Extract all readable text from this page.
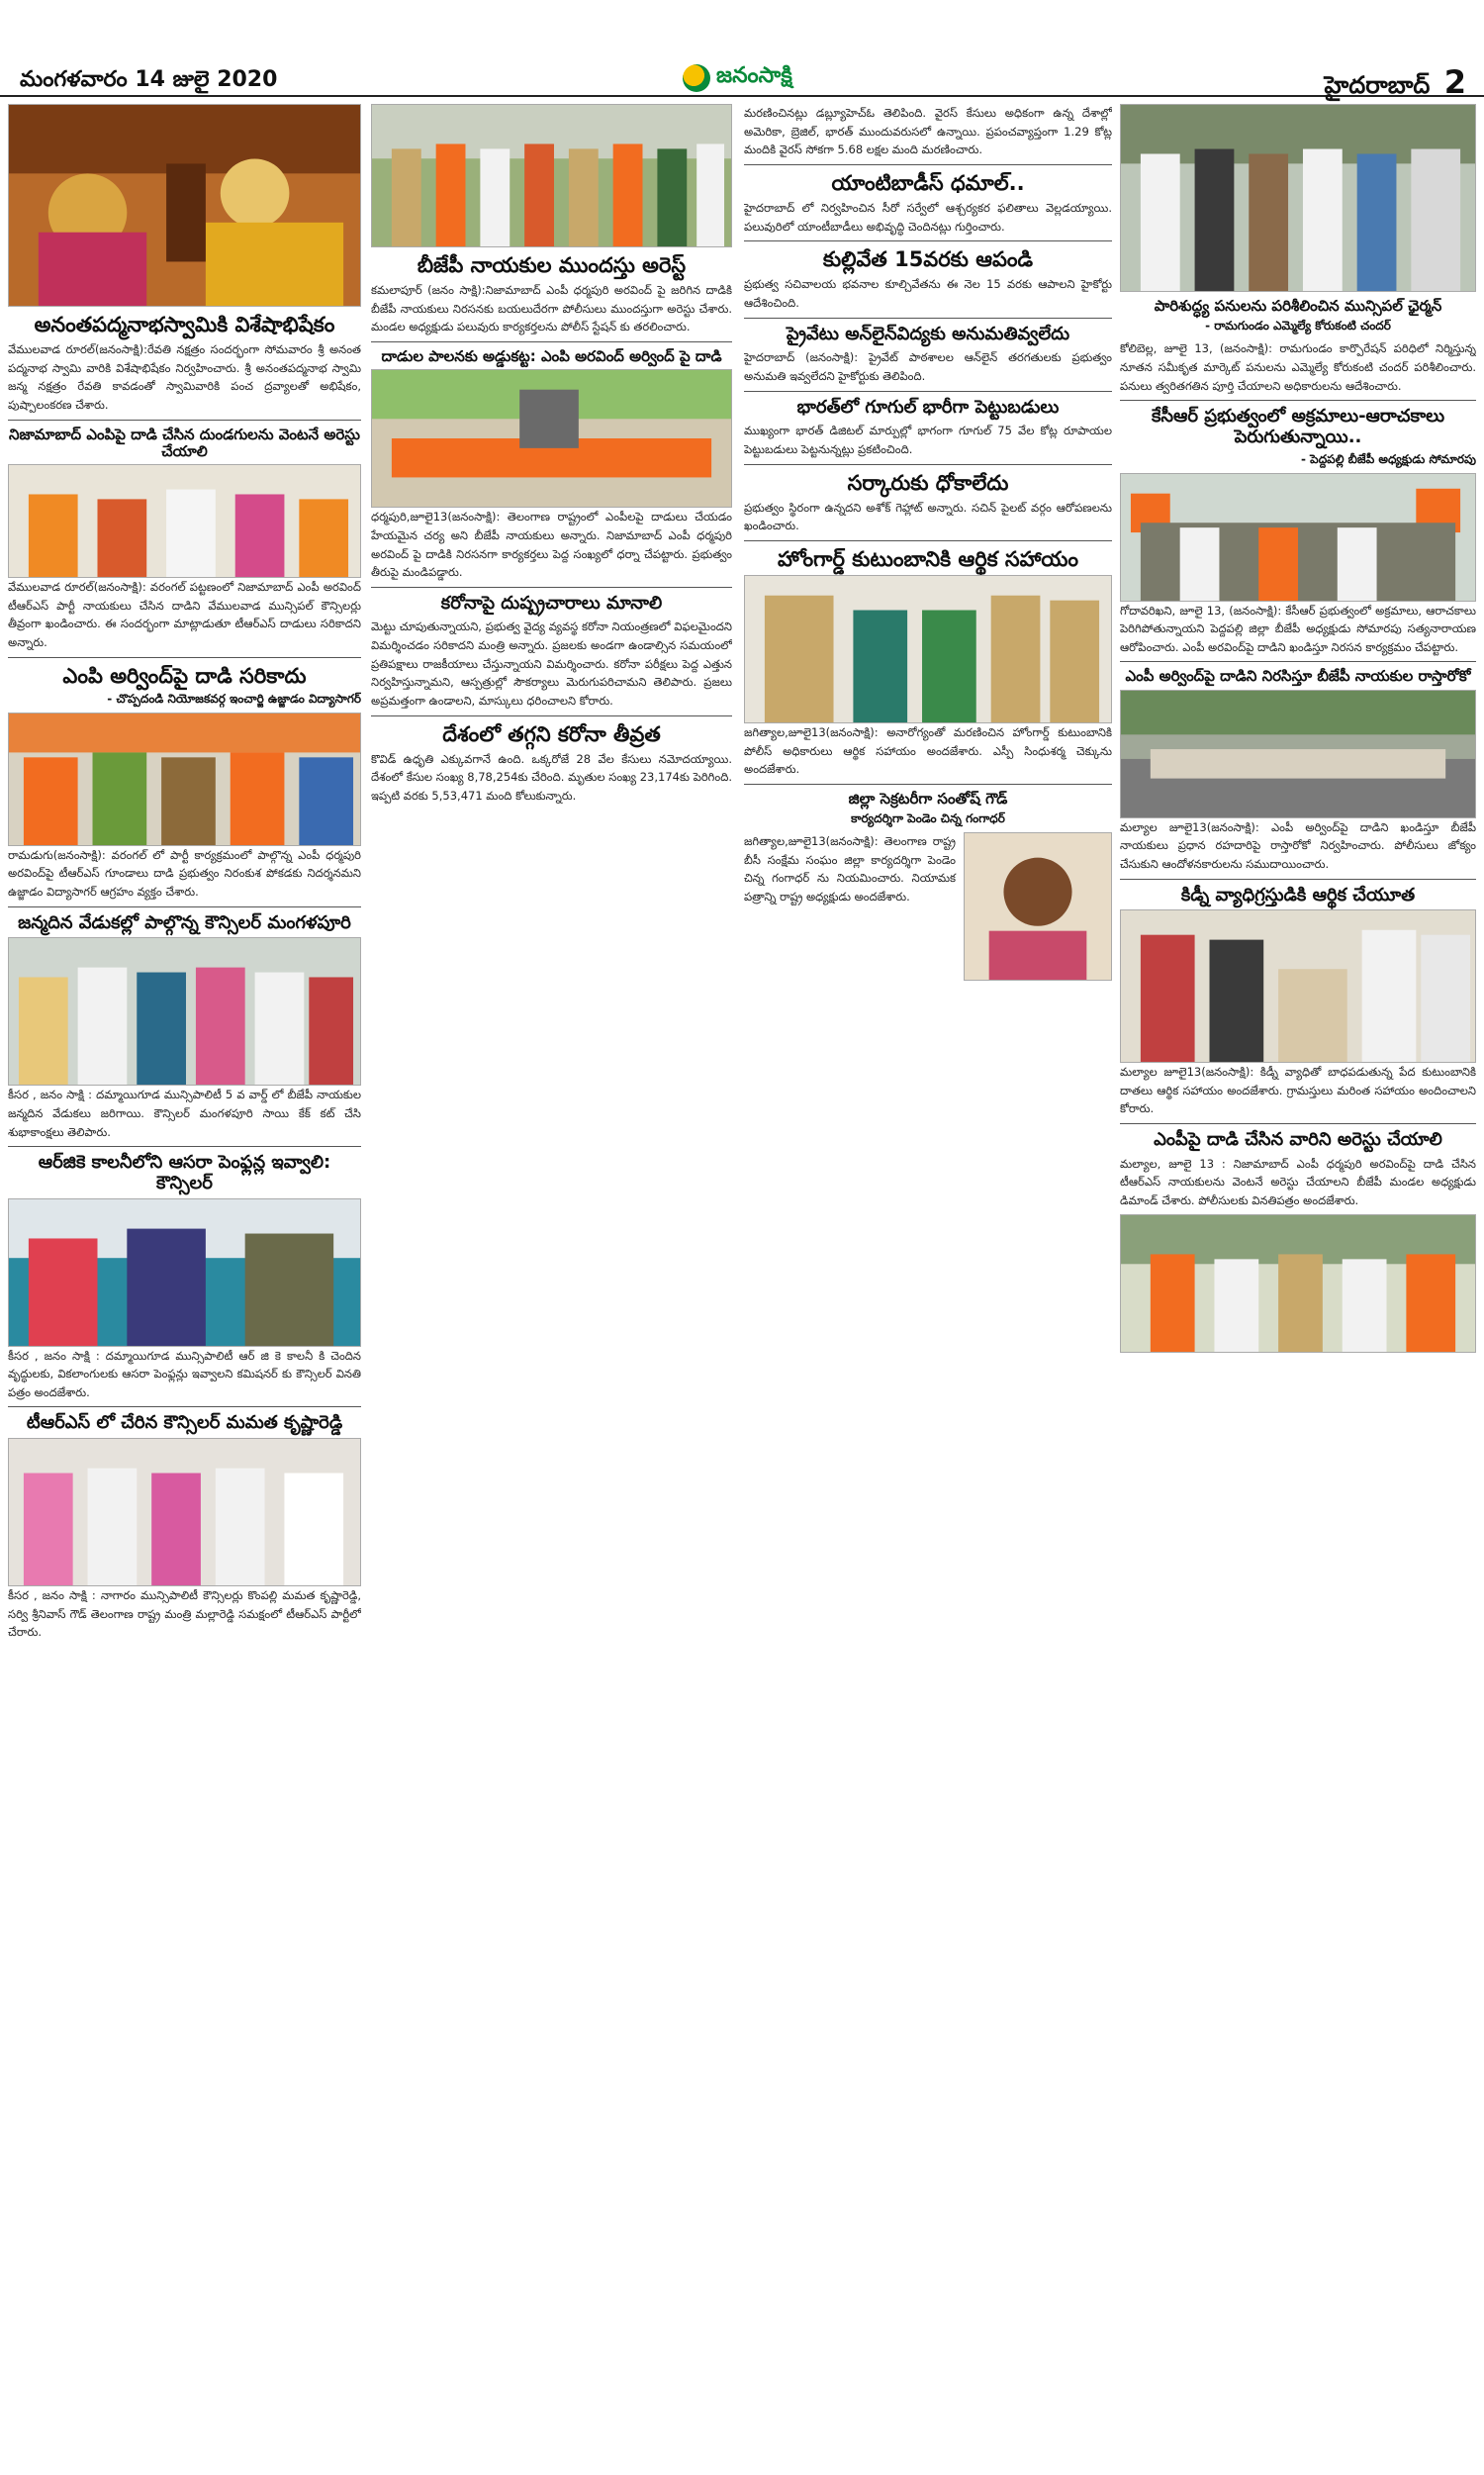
మంగళవారం 14 జులై 2020	జనంసాక్షి	హైదరాబాద్ 2
అనంతపద్మనాభస్వామికి విశేషాభిషేకం
వేములవాడ రూరల్(జనంసాక్షి):రేవతి నక్షత్రం సందర్భంగా సోమవారం శ్రీ అనంత పద్మనాభ స్వామి వారికి విశేషాభిషేకం నిర్వహించారు. శ్రీ అనంతపద్మనాభ స్వామి జన్మ నక్షత్రం రేవతి కావడంతో స్వామివారికి పంచ ద్రవ్యాలతో అభిషేకం, పుష్పాలంకరణ చేశారు.
నిజామాబాద్ ఎంపిపై దాడి చేసిన దుండగులను వెంటనే అరెస్టు చేయాలి
వేములవాడ రూరల్(జనంసాక్షి): వరంగల్ పట్టణంలో నిజామాబాద్ ఎంపీ అరవింద్ టీఆర్ఎస్ పార్టీ నాయకులు చేసిన దాడిని వేములవాడ మున్సిపల్ కౌన్సిలర్లు తీవ్రంగా ఖండించారు. ఈ సందర్భంగా మాట్లాడుతూ టీఆర్ఎస్ దాడులు సరికాదని అన్నారు.
ఎంపి అర్వింద్‌పై దాడి సరికాదు
- చొప్పదండి నియోజకవర్గ ఇంచార్జి ఉజ్జాడం విద్యాసాగర్
రామడుగు(జనంసాక్షి): వరంగల్ లో పార్టీ కార్యక్రమంలో పాల్గొన్న ఎంపీ ధర్మపురి అరవింద్‌పై టీఆర్ఎస్ గూండాలు దాడి ప్రభుత్వం నిరంకుశ పోకడకు నిదర్శనమని ఉజ్జాడం విద్యాసాగర్ ఆగ్రహం వ్యక్తం చేశారు.
జన్మదిన వేడుకల్లో పాల్గొన్న కౌన్సిలర్ మంగళపూరి
కీసర , జనం సాక్షి : దమ్మాయిగూడ మున్సిపాలిటీ 5 వ వార్డ్ లో బీజేపీ నాయకుల జన్మదిన వేడుకలు జరిగాయి. కౌన్సిలర్ మంగళపూరి సాయి కేక్ కట్ చేసి శుభాకాంక్షలు తెలిపారు.
ఆర్‌జికె కాలనీలోని ఆసరా పెంఫ్లన్ల ఇవ్వాలి: కౌన్సిలర్
కీసర , జనం సాక్షి : దమ్మాయిగూడ మున్సిపాలిటీ ఆర్ జి కె కాలనీ కి చెందిన వృద్ధులకు, వికలాంగులకు ఆసరా పెంఫ్లన్లు ఇవ్వాలని కమిషనర్ కు కౌన్సిలర్ వినతి పత్రం అందజేశారు.
టీఆర్‌ఎస్ లో చేరిన కౌన్సిలర్ మమత కృష్ణారెడ్డి
కీసర , జనం సాక్షి : నాగారం మున్సిపాలిటీ కౌన్సిలర్లు కొంపల్లి మమత కృష్ణారెడ్డి, సర్వి శ్రీనివాస్ గౌడ్ తెలంగాణ రాష్ట్ర మంత్రి మల్లారెడ్డి సమక్షంలో టీఆర్ఎస్ పార్టీలో చేరారు.
బీజేపీ నాయకుల ముందస్తు అరెస్ట్
కమలాపూర్ (జనం సాక్షి):నిజామాబాద్ ఎంపీ ధర్మపురి అరవింద్ పై జరిగిన దాడికి బీజేపీ నాయకులు నిరసనకు బయలుదేరగా పోలీసులు ముందస్తుగా అరెస్టు చేశారు. మండల అధ్యక్షుడు పలువురు కార్యకర్తలను పోలీస్ స్టేషన్ కు తరలించారు.
దాడుల పాలనకు అడ్డుకట్ట: ఎంపి అరవింద్ అర్వింద్ పై దాడి
ధర్మపురి,జూలై13(జనంసాక్షి): తెలంగాణ రాష్ట్రంలో ఎంపీలపై దాడులు చేయడం హేయమైన చర్య అని బీజేపీ నాయకులు అన్నారు. నిజామాబాద్ ఎంపీ ధర్మపురి అరవింద్ పై దాడికి నిరసనగా కార్యకర్తలు పెద్ద సంఖ్యలో ధర్నా చేపట్టారు. ప్రభుత్వం తీరుపై మండిపడ్డారు.
కరోనాపై దుష్ప్రచారాలు మానాలి
మెట్టు చూపుతున్నాయని, ప్రభుత్వ వైద్య వ్యవస్థ కరోనా నియంత్రణలో విఫలమైందని విమర్శించడం సరికాదని మంత్రి అన్నారు. ప్రజలకు అండగా ఉండాల్సిన సమయంలో ప్రతిపక్షాలు రాజకీయాలు చేస్తున్నాయని విమర్శించారు. కరోనా పరీక్షలు పెద్ద ఎత్తున నిర్వహిస్తున్నామని, ఆస్పత్రుల్లో సౌకర్యాలు మెరుగుపరిచామని తెలిపారు. ప్రజలు అప్రమత్తంగా ఉండాలని, మాస్కులు ధరించాలని కోరారు.
దేశంలో తగ్గని కరోనా తీవ్రత
కొవిడ్ ఉధృతి ఎక్కువగానే ఉంది. ఒక్కరోజే 28 వేల కేసులు నమోదయ్యాయి. దేశంలో కేసుల సంఖ్య 8,78,254కు చేరింది. మృతుల సంఖ్య 23,174కు పెరిగింది. ఇప్పటి వరకు 5,53,471 మంది కోలుకున్నారు.
మరణించినట్లు డబ్ల్యూహెచ్ఓ తెలిపింది. వైరస్ కేసులు అధికంగా ఉన్న దేశాల్లో అమెరికా, బ్రెజిల్, భారత్ ముందువరుసలో ఉన్నాయి. ప్రపంచవ్యాప్తంగా 1.29 కోట్ల మందికి వైరస్ సోకగా 5.68 లక్షల మంది మరణించారు.
యాంటిబాడీస్ ధమాల్..
హైదరాబాద్ లో నిర్వహించిన సీరో సర్వేలో ఆశ్చర్యకర ఫలితాలు వెల్లడయ్యాయి. పలువురిలో యాంటీబాడీలు అభివృద్ధి చెందినట్లు గుర్తించారు.
కుల్లివేత 15వరకు ఆపండి
ప్రభుత్వ సచివాలయ భవనాల కూల్చివేతను ఈ నెల 15 వరకు ఆపాలని హైకోర్టు ఆదేశించింది.
ప్రైవేటు అన్‌లైన్‌విద్యకు అనుమతివ్వలేదు
హైదరాబాద్ (జనంసాక్షి): ప్రైవేట్ పాఠశాలల ఆన్‌లైన్ తరగతులకు ప్రభుత్వం అనుమతి ఇవ్వలేదని హైకోర్టుకు తెలిపింది.
భారత్‌లో గూగుల్ భారీగా పెట్టుబడులు
ముఖ్యంగా భారత్ డిజిటల్ మార్పుల్లో భాగంగా గూగుల్ 75 వేల కోట్ల రూపాయల పెట్టుబడులు పెట్టనున్నట్లు ప్రకటించింది.
సర్కారుకు ధోకాలేదు
ప్రభుత్వం స్థిరంగా ఉన్నదని అశోక్ గెహ్లాట్ అన్నారు. సచిన్ పైలట్ వర్గం ఆరోపణలను ఖండించారు.
హోంగార్డ్ కుటుంబానికి ఆర్థిక సహాయం
జగిత్యాల,జూలై13(జనంసాక్షి): అనారోగ్యంతో మరణించిన హోంగార్డ్ కుటుంబానికి పోలీస్ అధికారులు ఆర్థిక సహాయం అందజేశారు. ఎస్పీ సింధుశర్మ చెక్కును అందజేశారు.
జిల్లా సెక్రటరీగా సంతోష్ గౌడ్
కార్యదర్శిగా పెండెం చిన్న గంగాధర్
జగిత్యాల,జూలై13(జనంసాక్షి): తెలంగాణ రాష్ట్ర బీసీ సంక్షేమ సంఘం జిల్లా కార్యదర్శిగా పెండెం చిన్న గంగాధర్ ను నియమించారు. నియామక పత్రాన్ని రాష్ట్ర అధ్యక్షుడు అందజేశారు.
పారిశుద్ధ్య పనులను పరిశీలించిన మున్సిపల్ ఛైర్మన్
- రామగుండం ఎమ్మెల్యే కోరుకంటి చందర్
కోలిబెల్ల, జూలై 13, (జనంసాక్షి): రామగుండం కార్పొరేషన్ పరిధిలో నిర్మిస్తున్న నూతన సమీకృత మార్కెట్ పనులను ఎమ్మెల్యే కోరుకంటి చందర్ పరిశీలించారు. పనులు త్వరితగతిన పూర్తి చేయాలని అధికారులను ఆదేశించారు.
కేసీఆర్ ప్రభుత్వంలో అక్రమాలు-ఆరాచకాలు పెరుగుతున్నాయి..
- పెద్దపల్లి బీజేపీ అధ్యక్షుడు సోమారపు
గోదావరిఖని, జూలై 13, (జనంసాక్షి): కేసీఆర్ ప్రభుత్వంలో అక్రమాలు, ఆరాచకాలు పెరిగిపోతున్నాయని పెద్దపల్లి జిల్లా బీజేపీ అధ్యక్షుడు సోమారపు సత్యనారాయణ ఆరోపించారు. ఎంపీ అరవింద్‌పై దాడిని ఖండిస్తూ నిరసన కార్యక్రమం చేపట్టారు.
ఎంపీ అర్వింద్‌పై దాడిని నిరసిస్తూ బీజేపీ నాయకుల రాస్తారోకో
మల్యాల జూలై13(జనంసాక్షి): ఎంపీ అర్వింద్‌పై దాడిని ఖండిస్తూ బీజేపీ నాయకులు ప్రధాన రహదారిపై రాస్తారోకో నిర్వహించారు. పోలీసులు జోక్యం చేసుకుని ఆందోళనకారులను సముదాయించారు.
కిడ్నీ వ్యాధిగ్రస్తుడికి ఆర్థిక చేయూత
మల్యాల జూలై13(జనంసాక్షి): కిడ్నీ వ్యాధితో బాధపడుతున్న పేద కుటుంబానికి దాతలు ఆర్థిక సహాయం అందజేశారు. గ్రామస్తులు మరింత సహాయం అందించాలని కోరారు.
ఎంపీపై దాడి చేసిన వారిని అరెస్టు చేయాలి
మల్యాల, జూలై 13 : నిజామాబాద్ ఎంపీ ధర్మపురి అరవింద్‌పై దాడి చేసిన టీఆర్ఎస్ నాయకులను వెంటనే అరెస్టు చేయాలని బీజేపీ మండల అధ్యక్షుడు డిమాండ్ చేశారు. పోలీసులకు వినతిపత్రం అందజేశారు.
